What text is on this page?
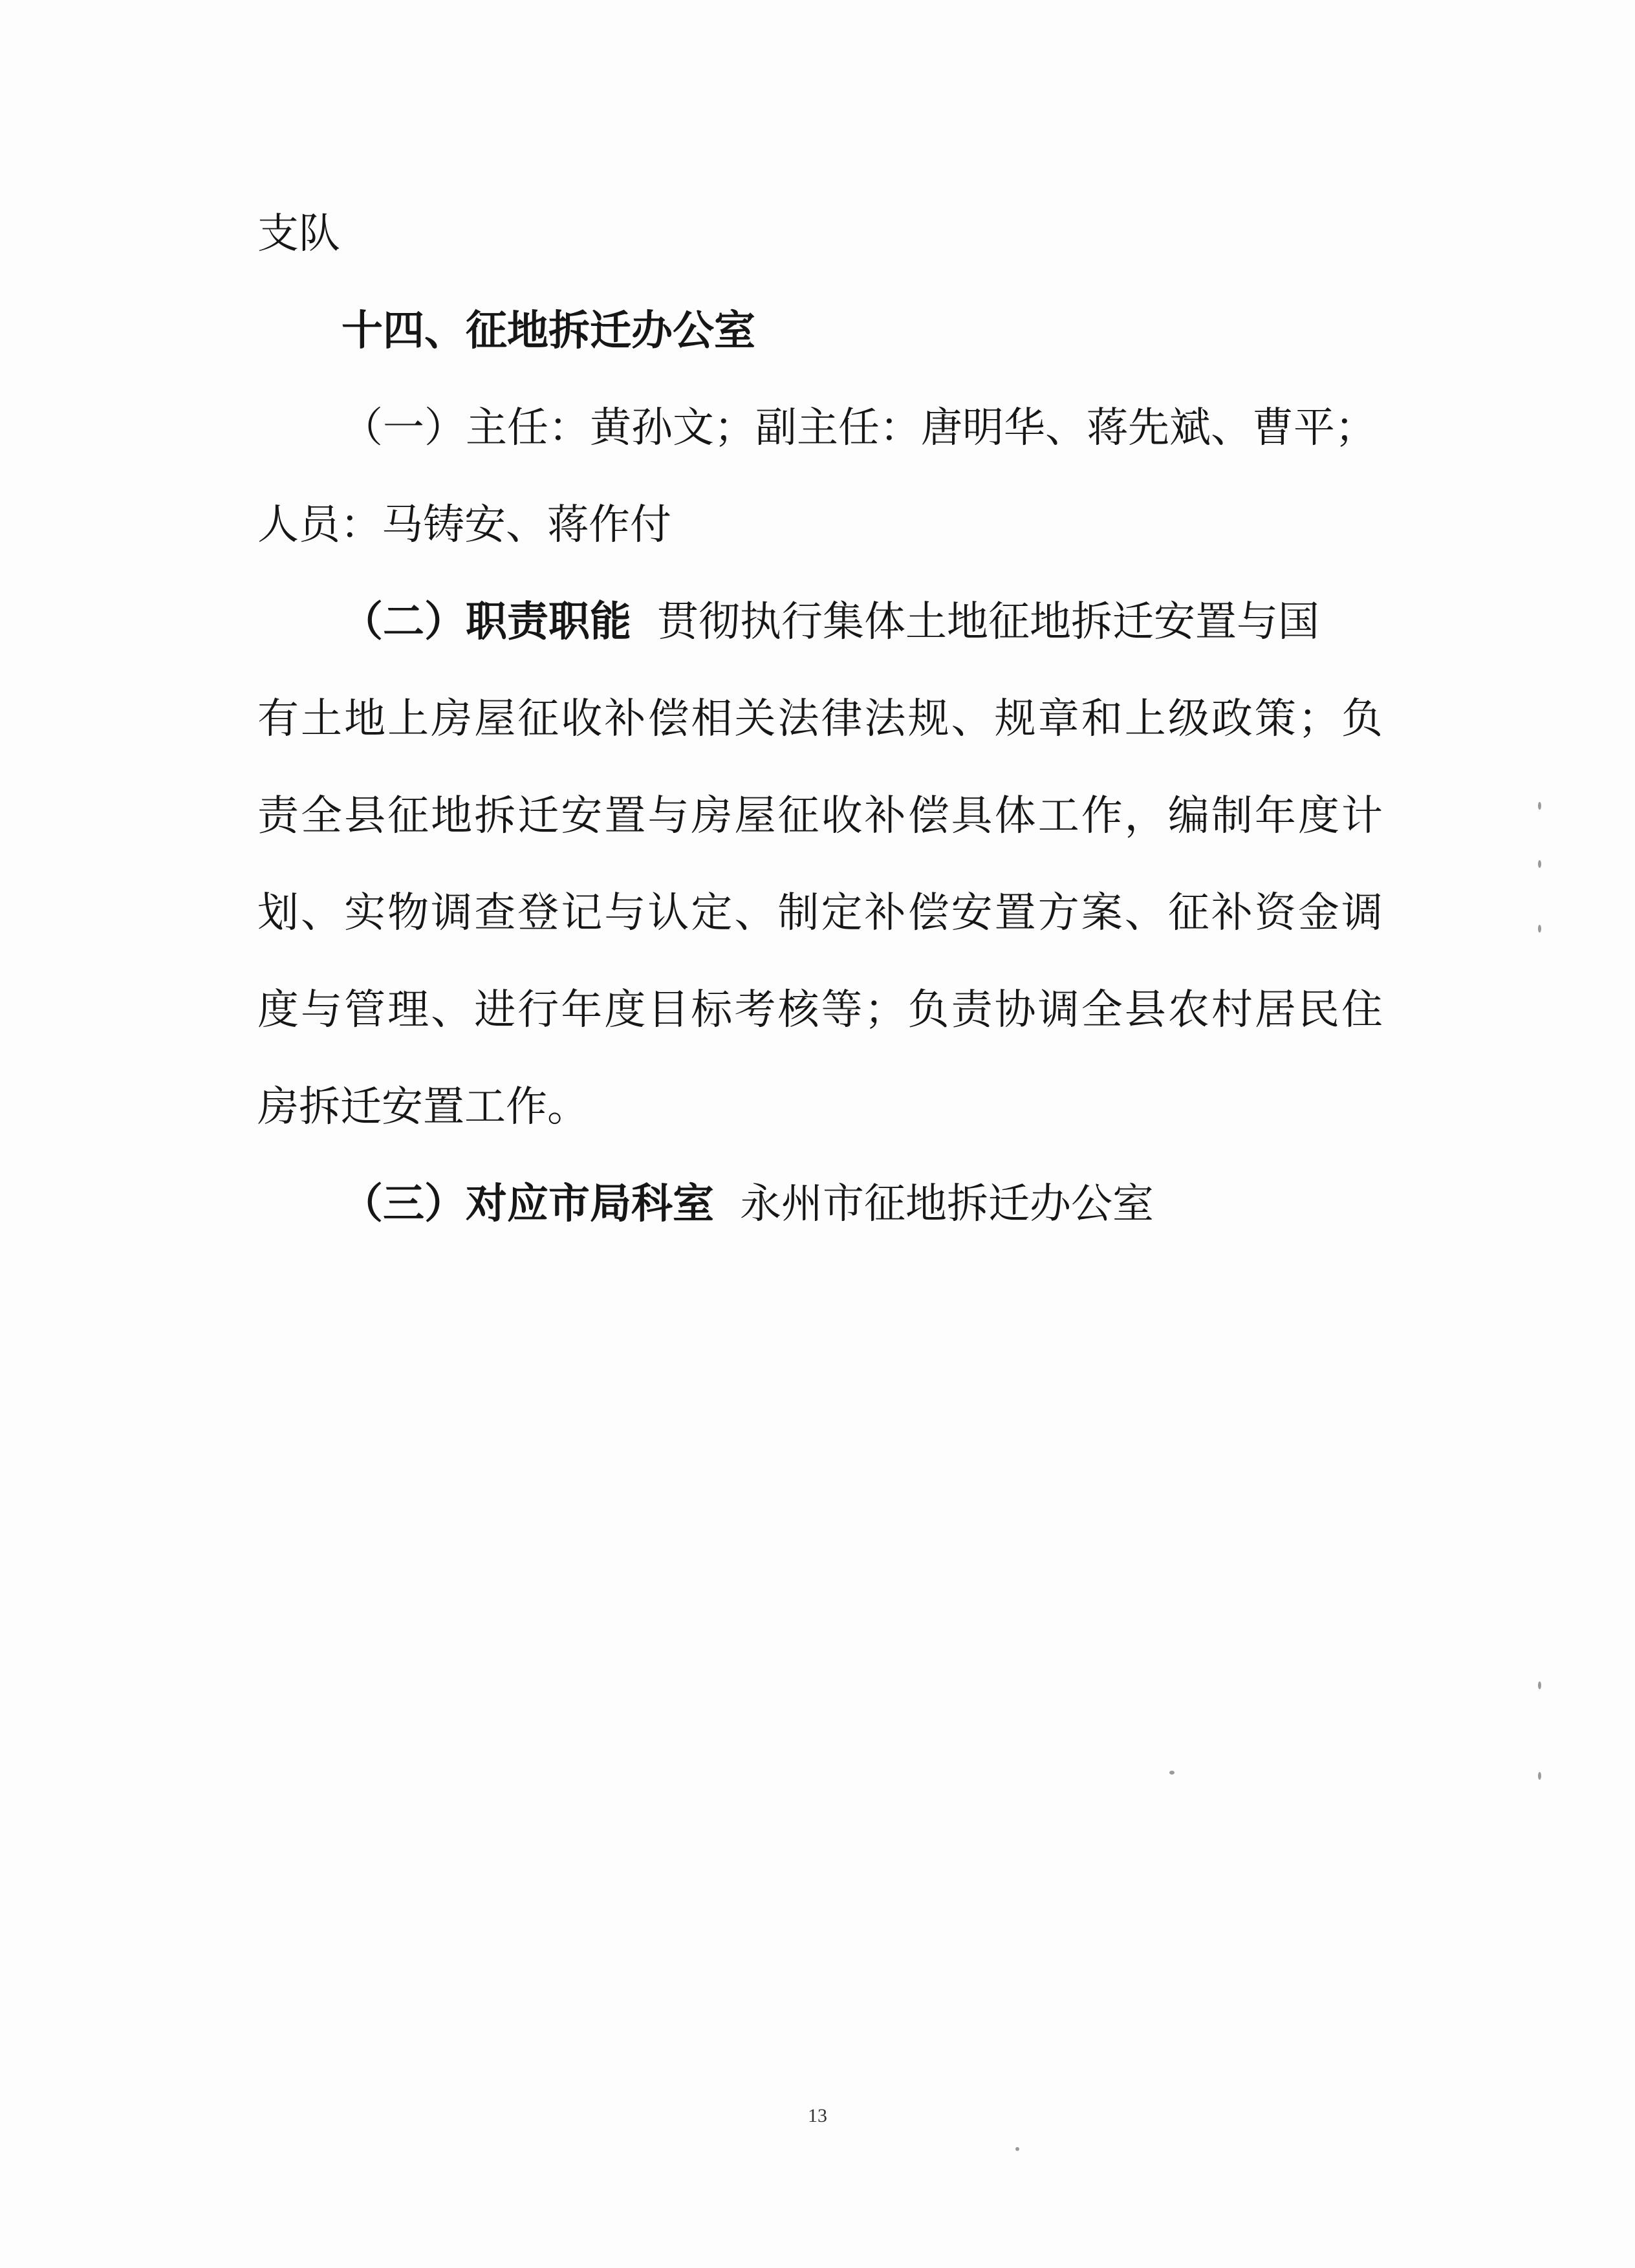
支队
十四、征地拆迁办公室
（一）主任：黄孙文；副主任：唐明华、蒋先斌、曹平；
人员：马铸安、蒋作付
（二）职责职能 贯彻执行集体土地征地拆迁安置与国
有土地上房屋征收补偿相关法律法规、规章和上级政策；负
责全县征地拆迁安置与房屋征收补偿具体工作，编制年度计
划、实物调查登记与认定、制定补偿安置方案、征补资金调
度与管理、进行年度目标考核等；负责协调全县农村居民住
房拆迁安置工作。
（三）对应市局科室 永州市征地拆迁办公室
13
